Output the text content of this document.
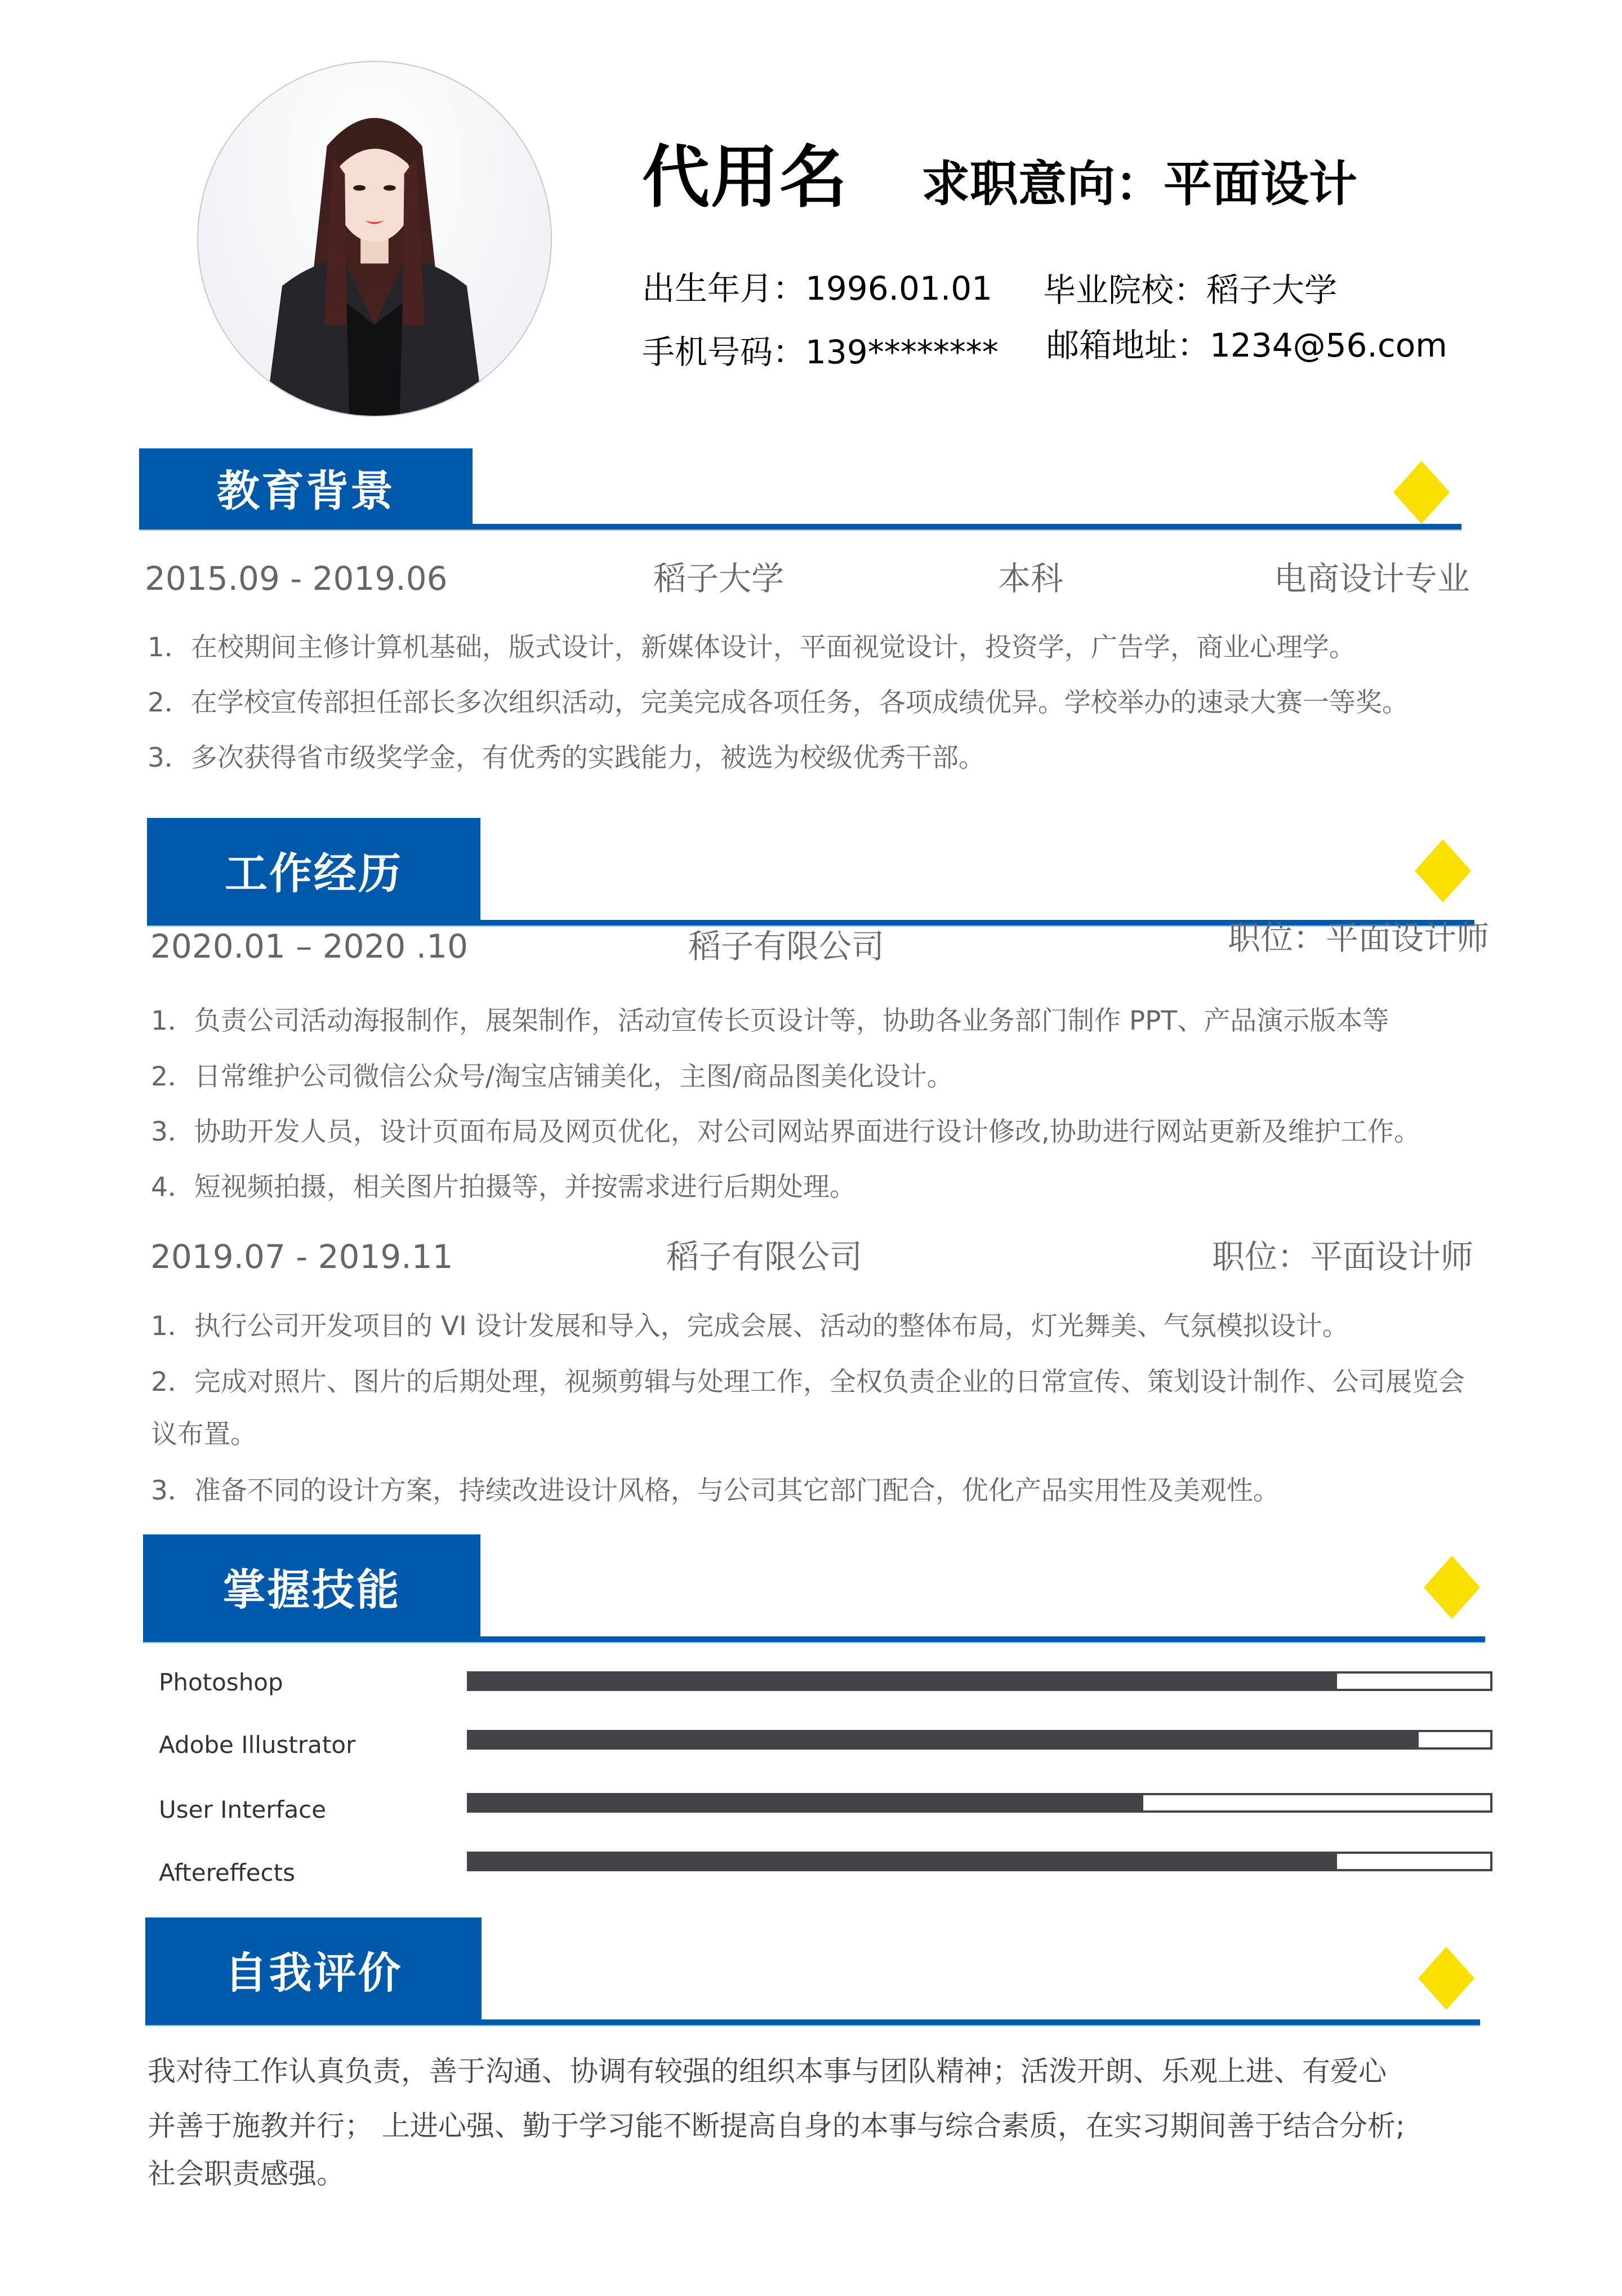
代用名 求职意向：平面设计
出生年月：1996.01.01 毕业院校：稻子大学
手机号码：139******** 邮箱地址：1234@56.com
教育背景
2015.09 - 2019.06	稻子大学	本科	电商设计专业
1．在校期间主修计算机基础，版式设计，新媒体设计，平面视觉设计，投资学，广告学，商业心理学。
2．在学校宣传部担任部长多次组织活动，完美完成各项任务，各项成绩优异。学校举办的速录大赛一等奖。
3．多次获得省市级奖学金，有优秀的实践能力，被选为校级优秀干部。
工作经历
2020.01 – 2020 .10	稻子有限公司	职位：平面设计师
1．负责公司活动海报制作，展架制作，活动宣传长页设计等，协助各业务部门制作 PPT、产品演示版本等
2．日常维护公司微信公众号/淘宝店铺美化，主图/商品图美化设计。
3．协助开发人员，设计页面布局及网页优化，对公司网站界面进行设计修改,协助进行网站更新及维护工作。
4．短视频拍摄，相关图片拍摄等，并按需求进行后期处理。
2019.07 - 2019.11	稻子有限公司	职位：平面设计师
1．执行公司开发项目的 VI 设计发展和导入，完成会展、活动的整体布局，灯光舞美、气氛模拟设计。
2．完成对照片、图片的后期处理，视频剪辑与处理工作，全权负责企业的日常宣传、策划设计制作、公司展览会
议布置。
3．准备不同的设计方案，持续改进设计风格，与公司其它部门配合，优化产品实用性及美观性。
掌握技能
Photoshop
Adobe Illustrator
User Interface
Aftereffects
自我评价
我对待工作认真负责，善于沟通、协调有较强的组织本事与团队精神；活泼开朗、乐观上进、有爱心
并善于施教并行； 上进心强、勤于学习能不断提高自身的本事与综合素质，在实习期间善于结合分析;
社会职责感强。
